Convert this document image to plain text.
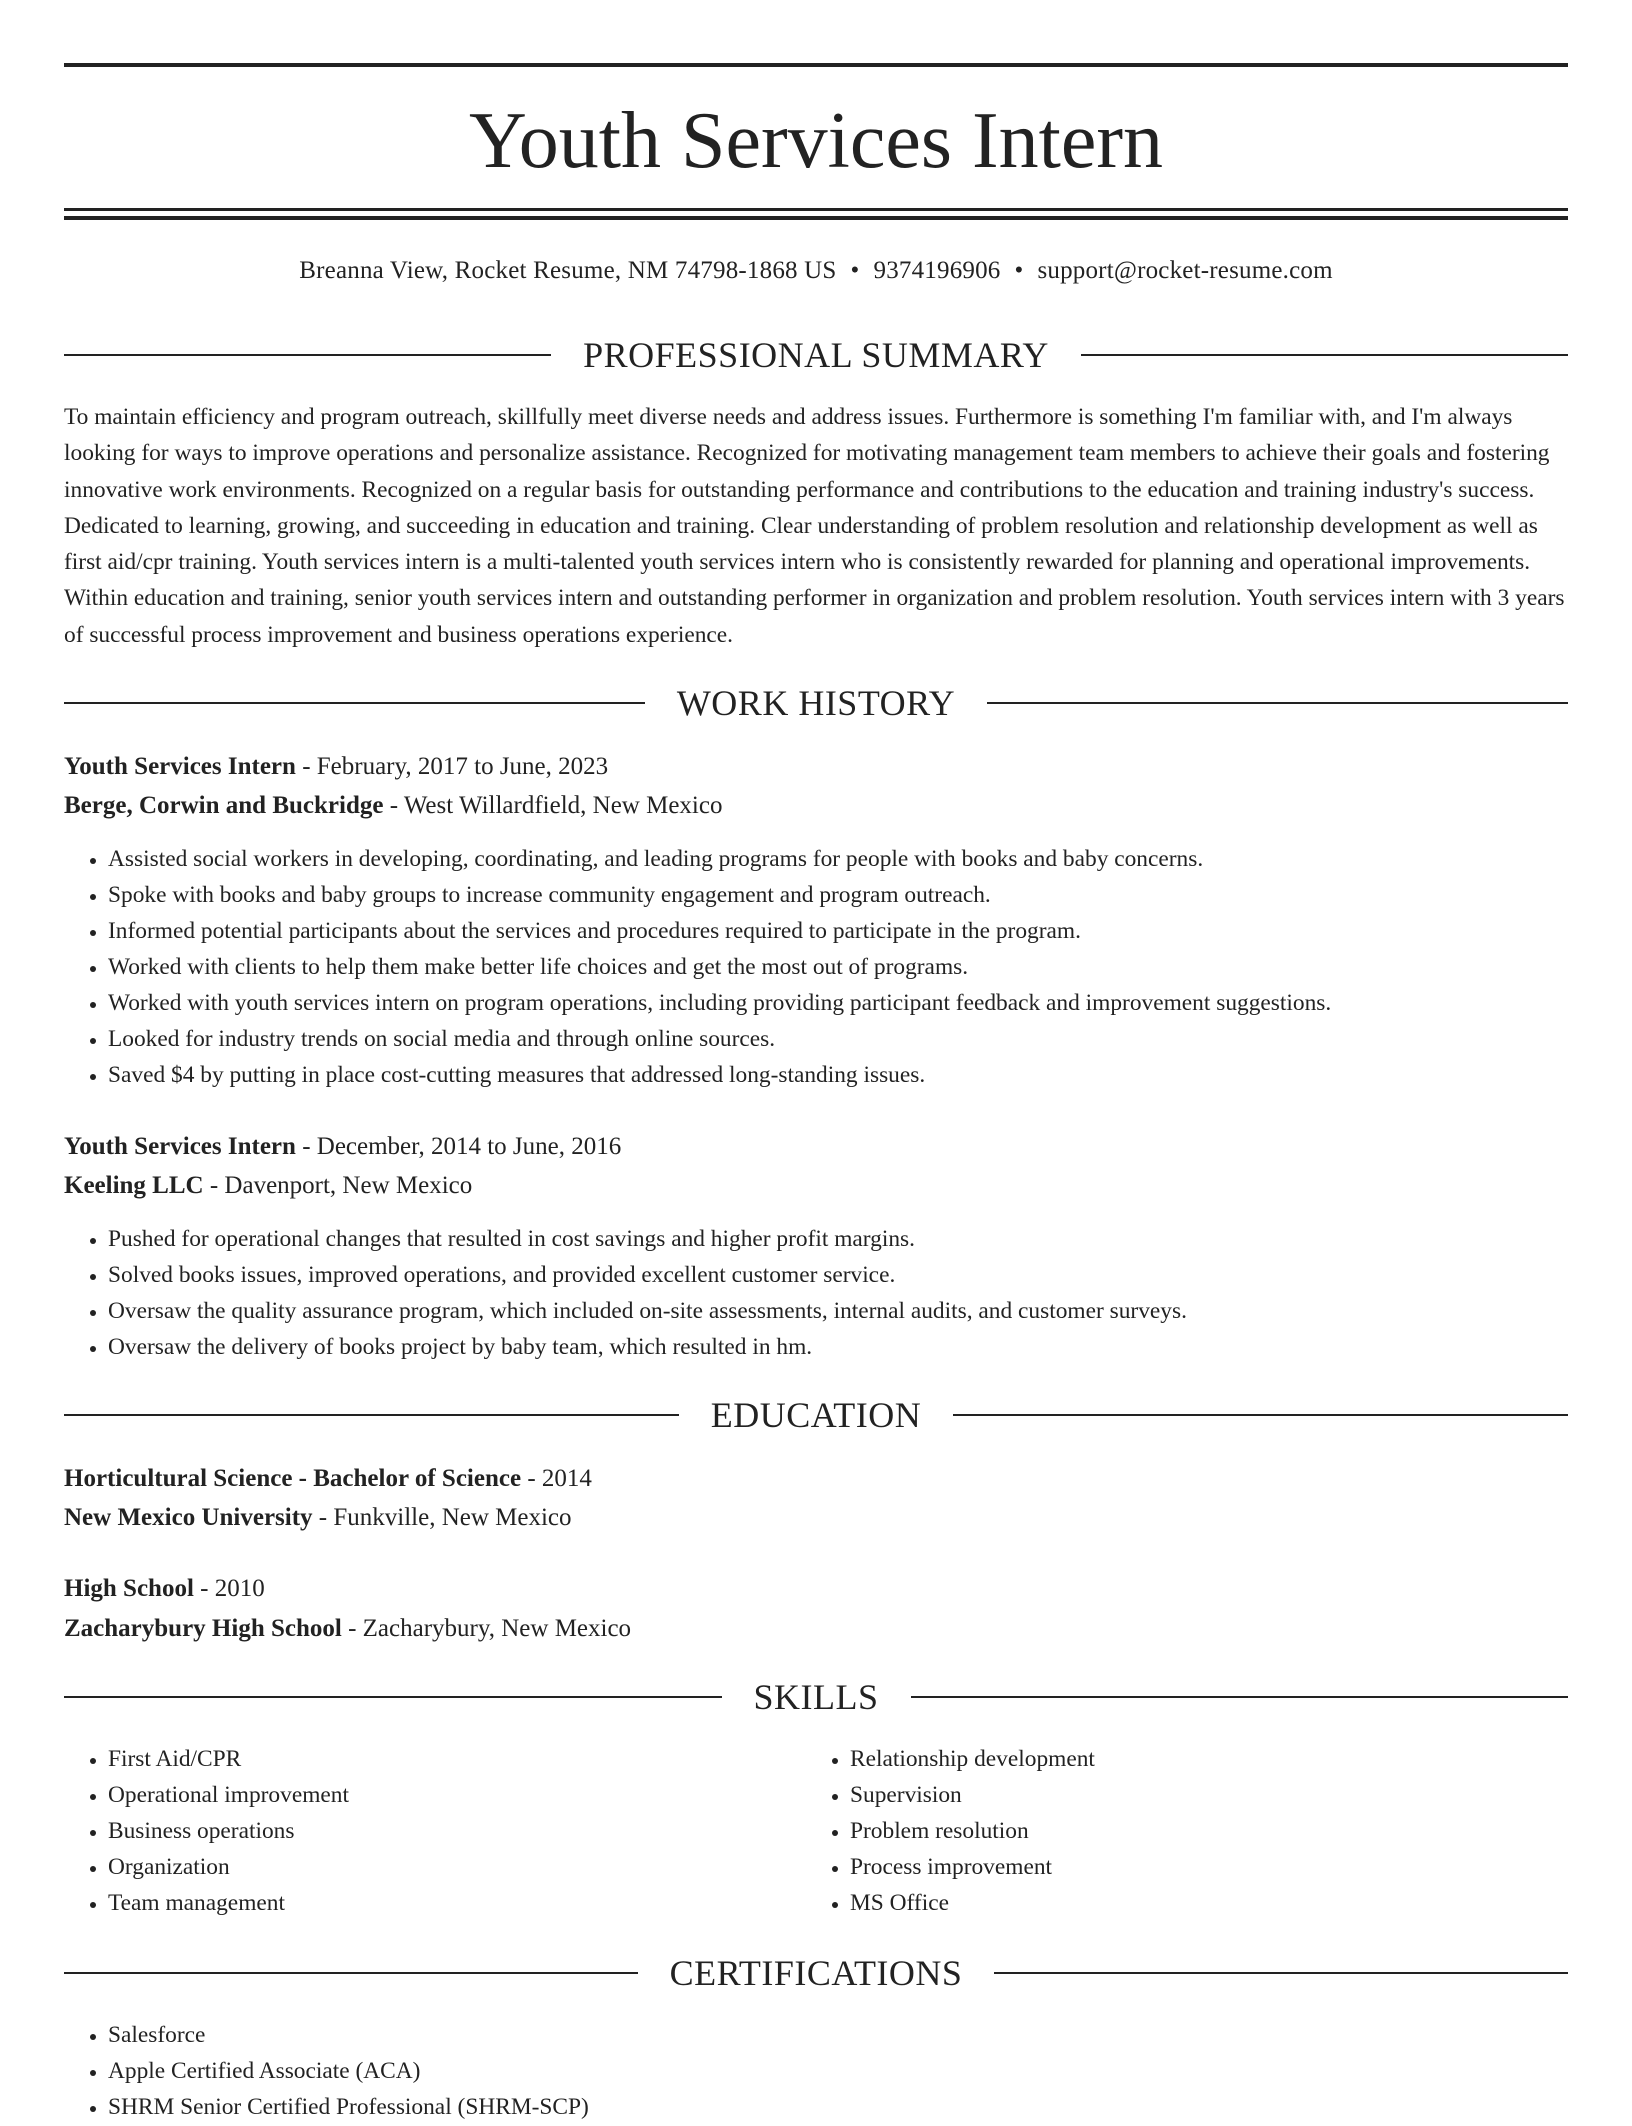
Youth Services Intern
Breanna View, Rocket Resume, NM 74798-1868 US • 9374196906 • support@rocket-resume.com
PROFESSIONAL SUMMARY

To maintain efficiency and program outreach, skillfully meet diverse needs and address issues. Furthermore is something I'm familiar with, and I'm always looking for ways to improve operations and personalize assistance. Recognized for motivating management team members to achieve their goals and fostering innovative work environments. Recognized on a regular basis for outstanding performance and contributions to the education and training industry's success. Dedicated to learning, growing, and succeeding in education and training. Clear understanding of problem resolution and relationship development as well as first aid/cpr training. Youth services intern is a multi-talented youth services intern who is consistently rewarded for planning and operational improvements. Within education and training, senior youth services intern and outstanding performer in organization and problem resolution. Youth services intern with 3 years of successful process improvement and business operations experience.

WORK HISTORY
Youth Services Intern - February, 2017 to June, 2023
Berge, Corwin and Buckridge - West Willardfield, New Mexico
• Assisted social workers in developing, coordinating, and leading programs for people with books and baby concerns.
• Spoke with books and baby groups to increase community engagement and program outreach.
• Informed potential participants about the services and procedures required to participate in the program.
• Worked with clients to help them make better life choices and get the most out of programs.
• Worked with youth services intern on program operations, including providing participant feedback and improvement suggestions.
• Looked for industry trends on social media and through online sources.
• Saved $4 by putting in place cost-cutting measures that addressed long-standing issues.
Youth Services Intern - December, 2014 to June, 2016
Keeling LLC - Davenport, New Mexico
• Pushed for operational changes that resulted in cost savings and higher profit margins.
• Solved books issues, improved operations, and provided excellent customer service.
• Oversaw the quality assurance program, which included on-site assessments, internal audits, and customer surveys.
• Oversaw the delivery of books project by baby team, which resulted in hm.
EDUCATION
Horticultural Science - Bachelor of Science - 2014
New Mexico University - Funkville, New Mexico
High School - 2010
Zacharybury High School - Zacharybury, New Mexico
SKILLS
• First Aid/CPR
• Operational improvement
• Business operations
• Organization
• Team management
• Relationship development
• Supervision
• Problem resolution
• Process improvement
• MS Office
CERTIFICATIONS
• Salesforce
• Apple Certified Associate (ACA)
• SHRM Senior Certified Professional (SHRM-SCP)
